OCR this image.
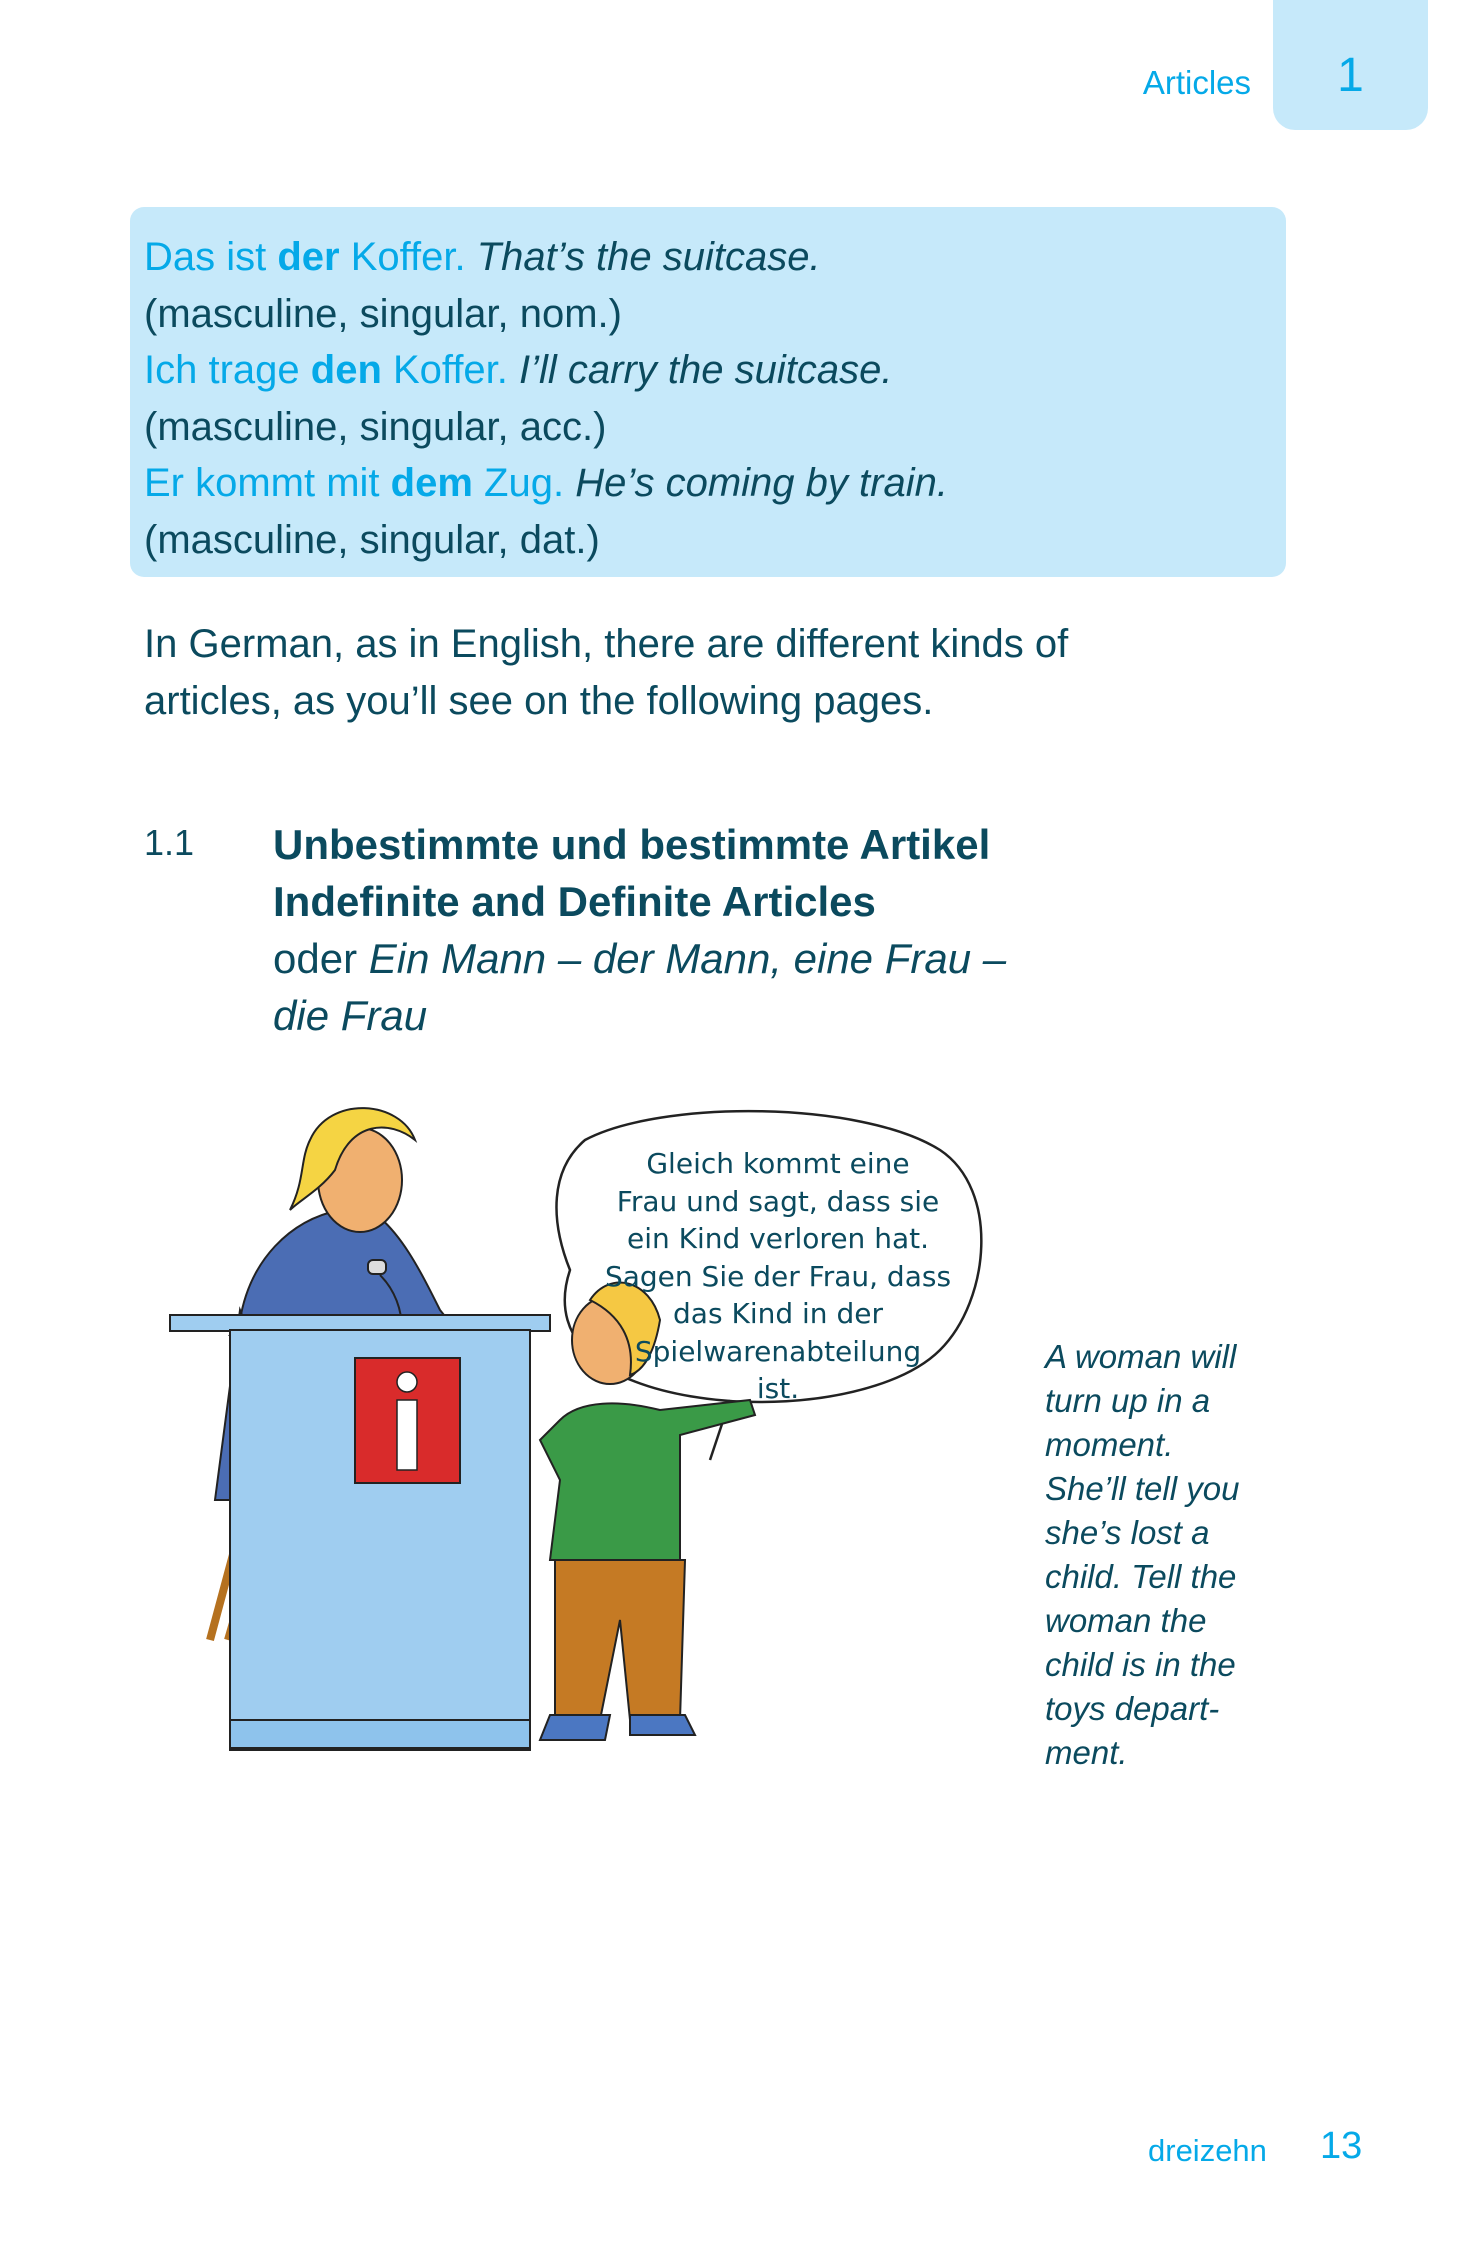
1
Articles
Das ist der Koffer. That’s the suitcase.
(masculine, singular, nom.)
Ich trage den Koffer. I’ll carry the suitcase.
(masculine, singular, acc.)
Er kommt mit dem Zug. He’s coming by train.
(masculine, singular, dat.)
In German, as in English, there are different kinds of
articles, as you’ll see on the following pages.
1.1 Unbestimmte und bestimmte Artikel
Indefinite and Definite Articles
oder Ein Mann – der Mann, eine Frau –
die Frau
Gleich kommt eine
Frau und sagt, dass sie
ein Kind verloren hat.
Sagen Sie der Frau, dass
das Kind in der
Spielwarenabteilung
ist.
A woman will
turn up in a
moment.
She’ll tell you
she’s lost a
child. Tell the
woman the
child is in the
toys depart-
ment.
dreizehn 13
